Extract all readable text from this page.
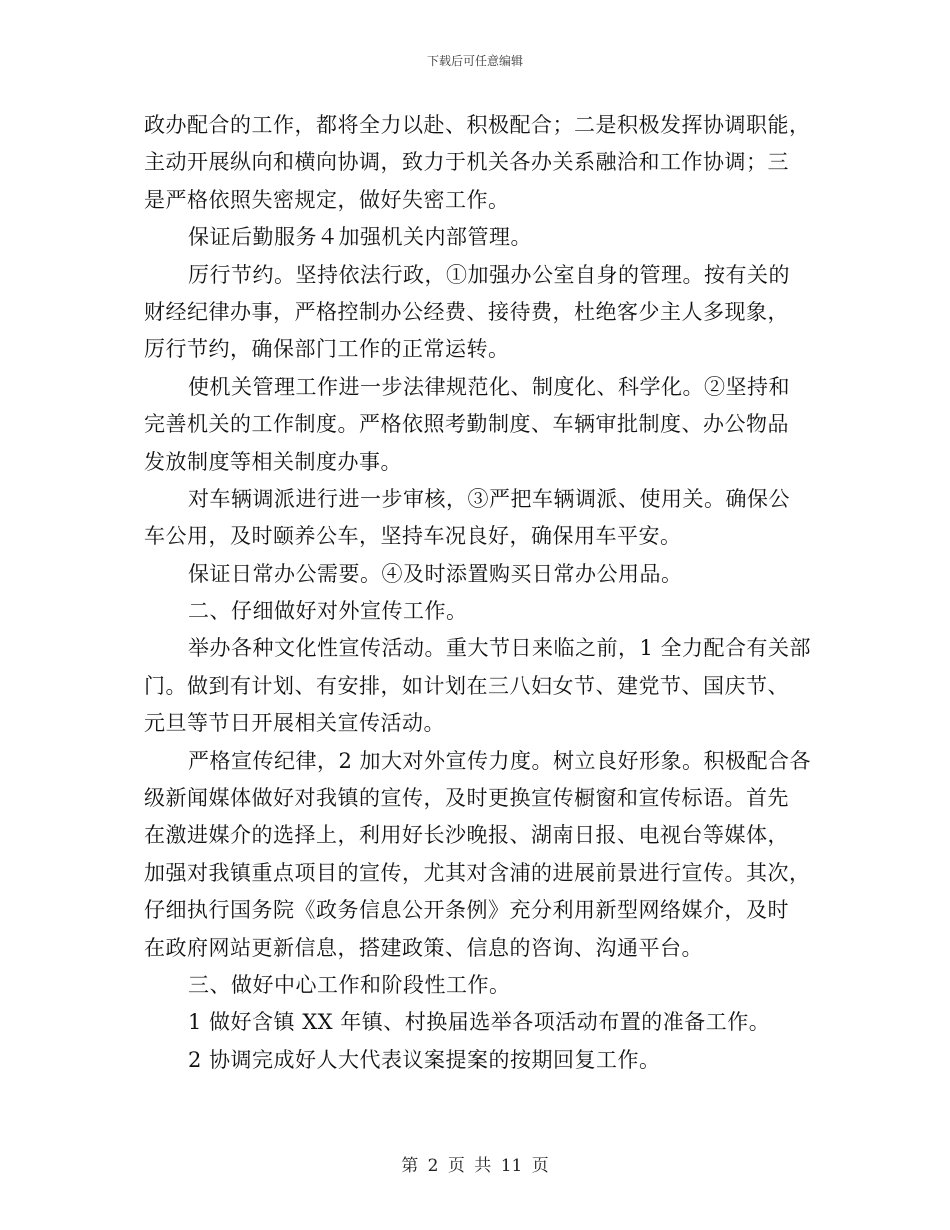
下载后可任意编辑
政办配合的工作，都将全力以赴、积极配合；二是积极发挥协调职能，
主动开展纵向和横向协调，致力于机关各办关系融洽和工作协调；三
是严格依照失密规定，做好失密工作。
保证后勤服务４加强机关内部管理。
厉行节约。坚持依法行政，①加强办公室自身的管理。按有关的
财经纪律办事，严格控制办公经费、接待费，杜绝客少主人多现象，
厉行节约，确保部门工作的正常运转。
使机关管理工作进一步法律规范化、制度化、科学化。②坚持和
完善机关的工作制度。严格依照考勤制度、车辆审批制度、办公物品
发放制度等相关制度办事。
对车辆调派进行进一步审核，③严把车辆调派、使用关。确保公
车公用，及时颐养公车，坚持车况良好，确保用车平安。
保证日常办公需要。④及时添置购买日常办公用品。
二、仔细做好对外宣传工作。
举办各种文化性宣传活动。重大节日来临之前，1 全力配合有关部
门。做到有计划、有安排，如计划在三八妇女节、建党节、国庆节、
元旦等节日开展相关宣传活动。
严格宣传纪律，2 加大对外宣传力度。树立良好形象。积极配合各
级新闻媒体做好对我镇的宣传，及时更换宣传橱窗和宣传标语。首先
在激进媒介的选择上，利用好长沙晚报、湖南日报、电视台等媒体，
加强对我镇重点项目的宣传，尤其对含浦的进展前景进行宣传。其次，
仔细执行国务院《政务信息公开条例》充分利用新型网络媒介，及时
在政府网站更新信息，搭建政策、信息的咨询、沟通平台。
三、做好中心工作和阶段性工作。
1 做好含镇 XX 年镇、村换届选举各项活动布置的准备工作。
2 协调完成好人大代表议案提案的按期回复工作。
第 2 页 共 11 页
